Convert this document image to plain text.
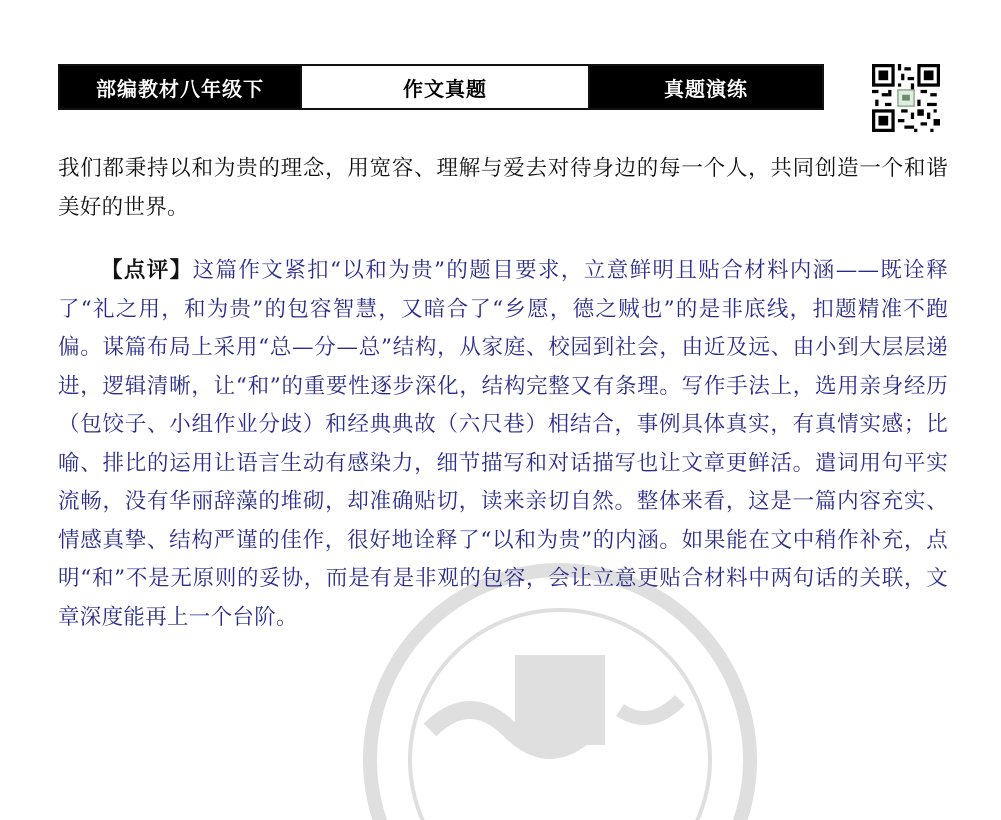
部编教材八年级下	作文真题	真题演练

我们都秉持以和为贵的理念，用宽容、理解与爱去对待身边的每一个人，共同创造一个和谐美好的世界。

【点评】这篇作文紧扣“以和为贵”的题目要求，立意鲜明且贴合材料内涵——既诠释了“礼之用，和为贵”的包容智慧，又暗合了“乡愿，德之贼也”的是非底线，扣题精准不跑偏。谋篇布局上采用“总—分—总”结构，从家庭、校园到社会，由近及远、由小到大层层递进，逻辑清晰，让“和”的重要性逐步深化，结构完整又有条理。写作手法上，选用亲身经历（包饺子、小组作业分歧）和经典典故（六尺巷）相结合，事例具体真实，有真情实感；比喻、排比的运用让语言生动有感染力，细节描写和对话描写也让文章更鲜活。遣词用句平实流畅，没有华丽辞藻的堆砌，却准确贴切，读来亲切自然。整体来看，这是一篇内容充实、情感真挚、结构严谨的佳作，很好地诠释了“以和为贵”的内涵。如果能在文中稍作补充，点明“和”不是无原则的妥协，而是有是非观的包容，会让立意更贴合材料中两句话的关联，文章深度能再上一个台阶。
